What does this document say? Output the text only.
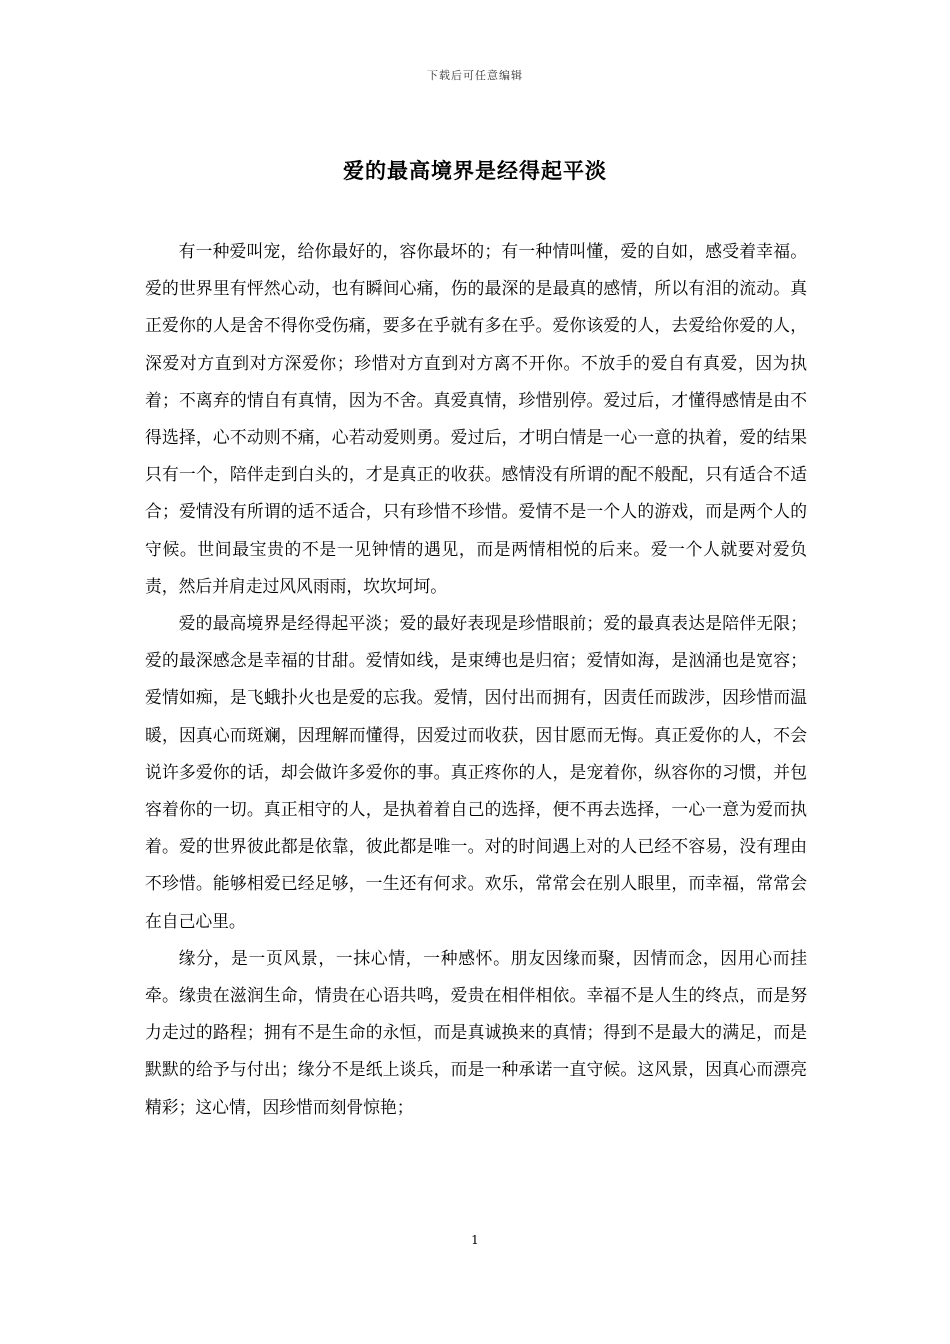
下载后可任意编辑
爱的最高境界是经得起平淡

有一种爱叫宠，给你最好的，容你最坏的；有一种情叫懂，爱的自如，感受着幸福。爱的世界里有怦然心动，也有瞬间心痛，伤的最深的是最真的感情，所以有泪的流动。真正爱你的人是舍不得你受伤痛，要多在乎就有多在乎。爱你该爱的人，去爱给你爱的人，深爱对方直到对方深爱你；珍惜对方直到对方离不开你。不放手的爱自有真爱，因为执着；不离弃的情自有真情，因为不舍。真爱真情，珍惜别停。爱过后，才懂得感情是由不得选择，心不动则不痛，心若动爱则勇。爱过后，才明白情是一心一意的执着，爱的结果只有一个，陪伴走到白头的，才是真正的收获。感情没有所谓的配不般配，只有适合不适合；爱情没有所谓的适不适合，只有珍惜不珍惜。爱情不是一个人的游戏，而是两个人的守候。世间最宝贵的不是一见钟情的遇见，而是两情相悦的后来。爱一个人就要对爱负责，然后并肩走过风风雨雨，坎坎坷坷。

爱的最高境界是经得起平淡；爱的最好表现是珍惜眼前；爱的最真表达是陪伴无限；爱的最深感念是幸福的甘甜。爱情如线，是束缚也是归宿；爱情如海，是汹涌也是宽容；爱情如痴，是飞蛾扑火也是爱的忘我。爱情，因付出而拥有，因责任而跋涉，因珍惜而温暖，因真心而斑斓，因理解而懂得，因爱过而收获，因甘愿而无悔。真正爱你的人，不会说许多爱你的话，却会做许多爱你的事。真正疼你的人，是宠着你，纵容你的习惯，并包容着你的一切。真正相守的人，是执着着自己的选择，便不再去选择，一心一意为爱而执着。爱的世界彼此都是依靠，彼此都是唯一。对的时间遇上对的人已经不容易，没有理由不珍惜。能够相爱已经足够，一生还有何求。欢乐，常常会在别人眼里，而幸福，常常会在自己心里。

缘分，是一页风景，一抹心情，一种感怀。朋友因缘而聚，因情而念，因用心而挂牵。缘贵在滋润生命，情贵在心语共鸣，爱贵在相伴相依。幸福不是人生的终点，而是努力走过的路程；拥有不是生命的永恒，而是真诚换来的真情；得到不是最大的满足，而是默默的给予与付出；缘分不是纸上谈兵，而是一种承诺一直守候。这风景，因真心而漂亮精彩；这心情，因珍惜而刻骨惊艳；

1
